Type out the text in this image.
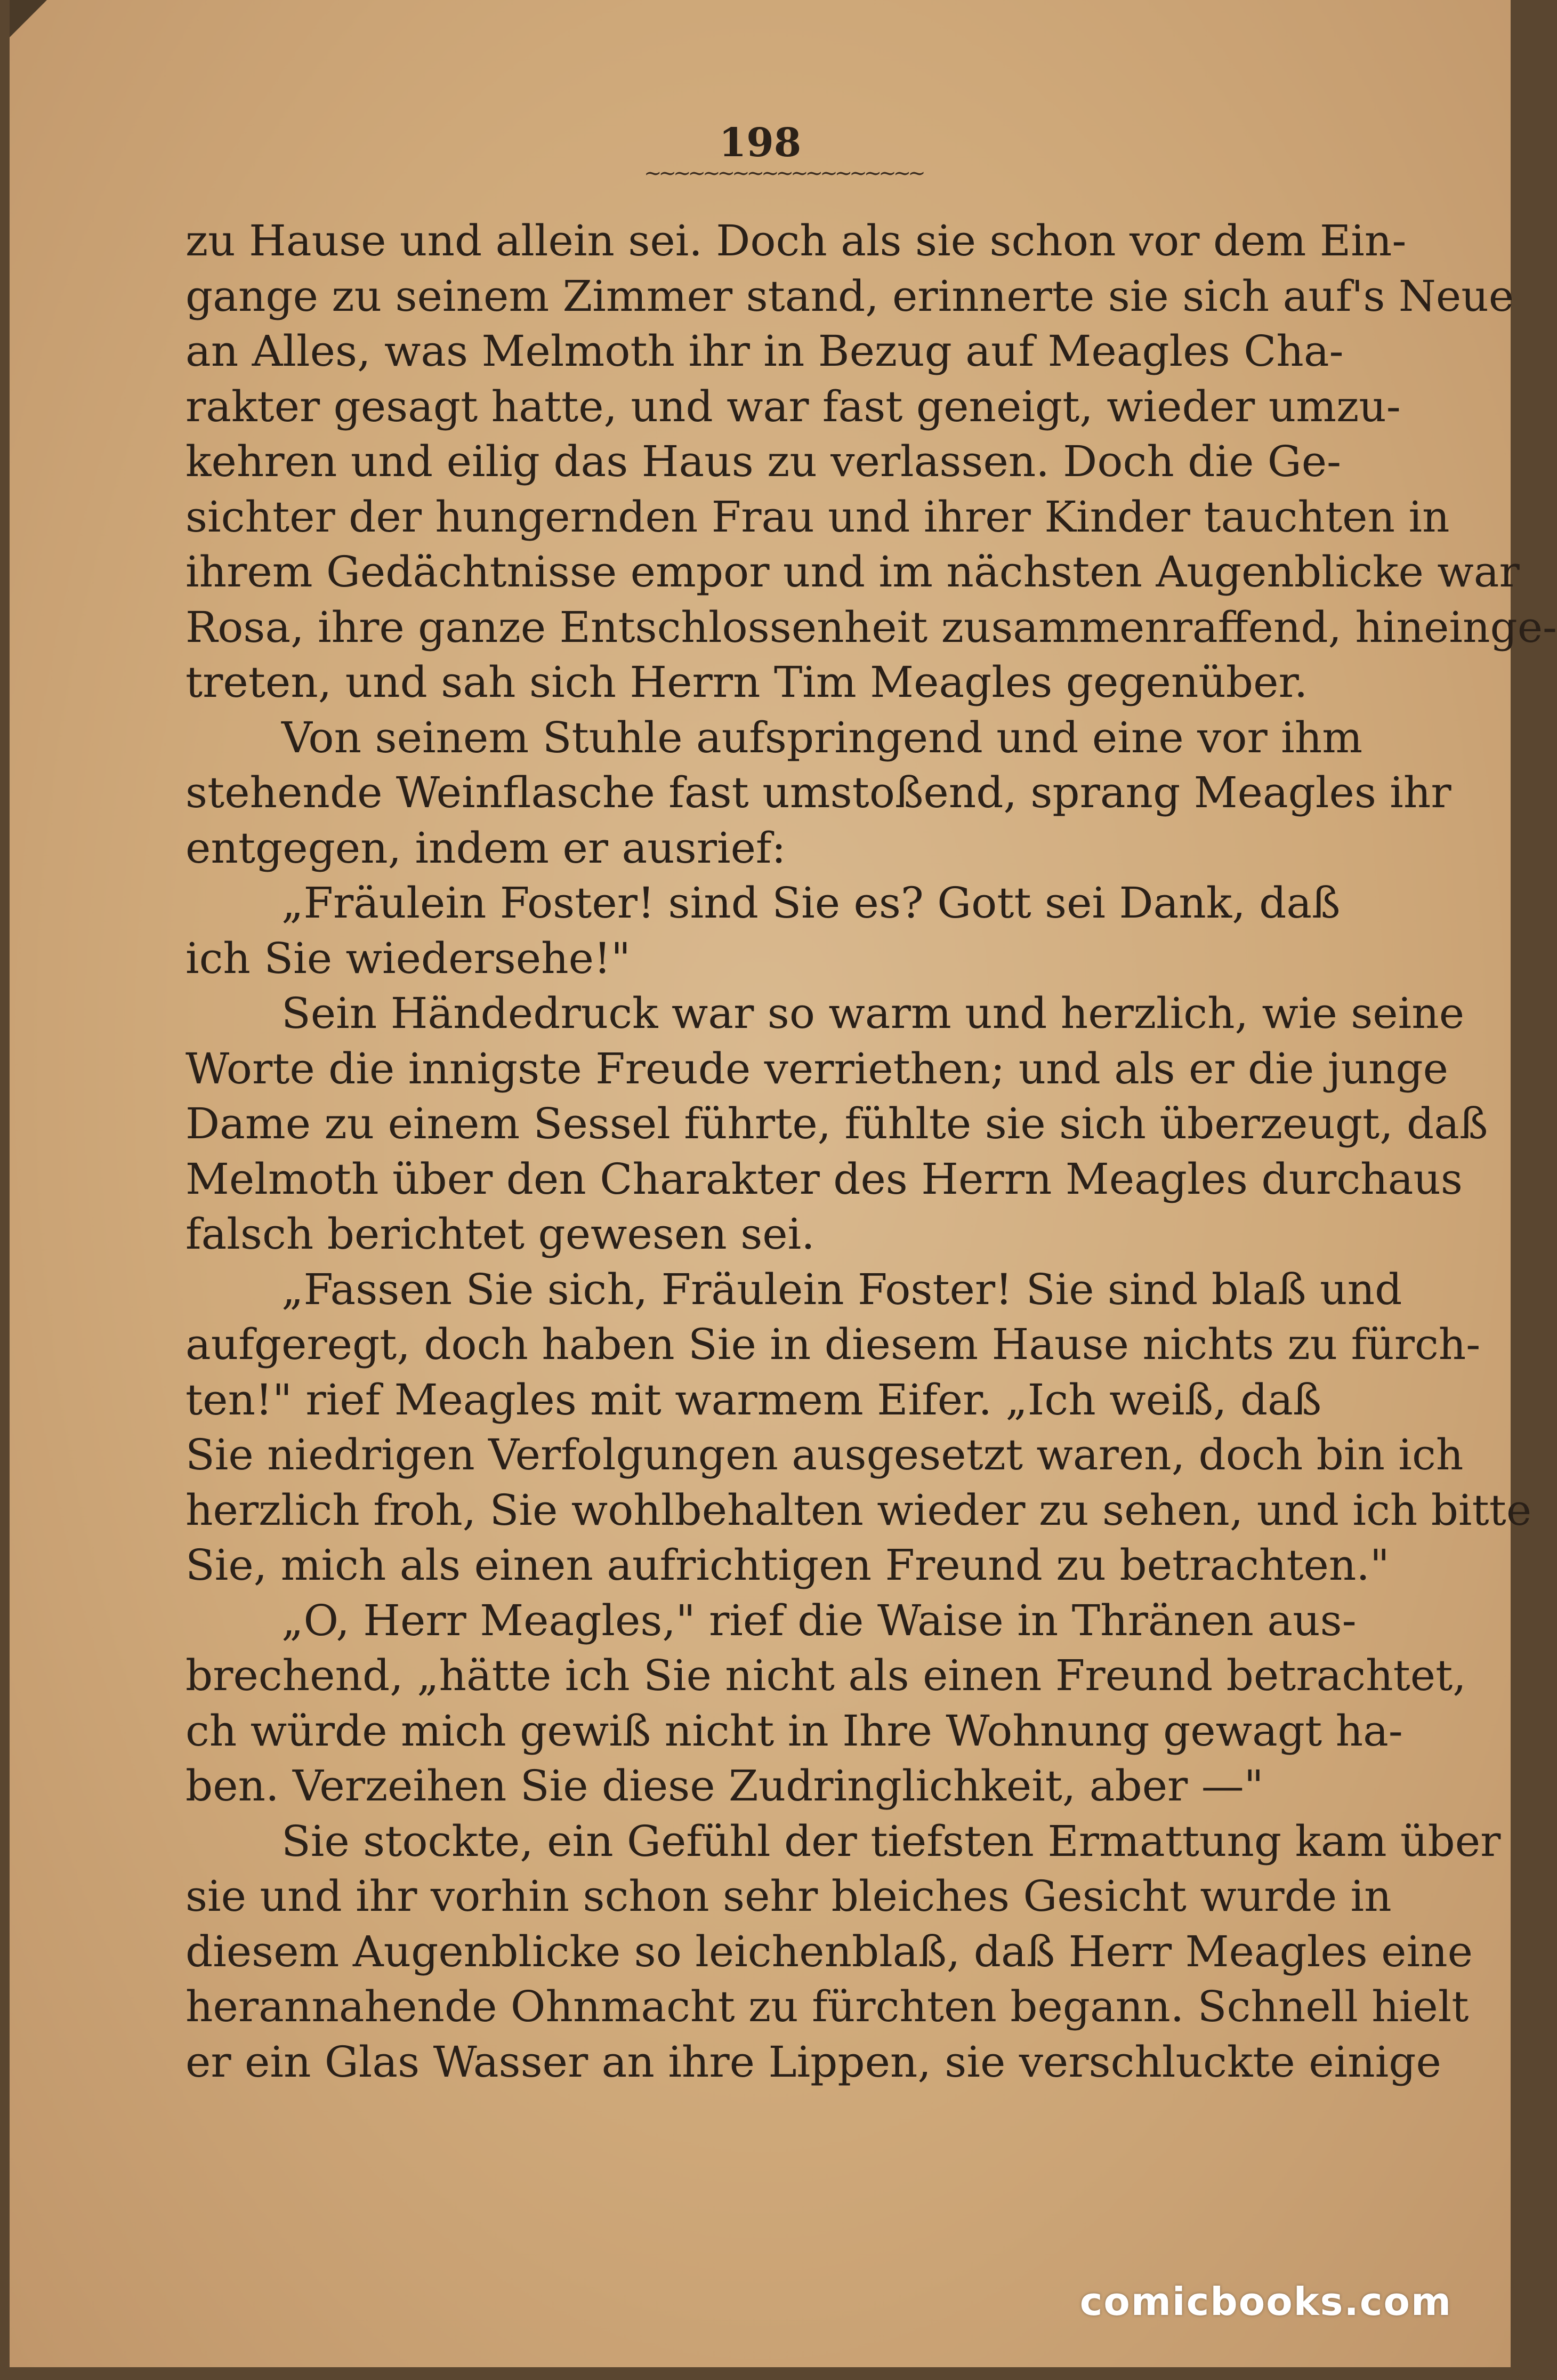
198
~~~~~~~~~~~~~~~~~~~
zu Hause und allein sei. Doch als sie schon vor dem Ein-
gange zu seinem Zimmer stand, erinnerte sie sich auf's Neue
an Alles, was Melmoth ihr in Bezug auf Meagles Cha-
rakter gesagt hatte, und war fast geneigt, wieder umzu-
kehren und eilig das Haus zu verlassen. Doch die Ge-
sichter der hungernden Frau und ihrer Kinder tauchten in
ihrem Gedächtnisse empor und im nächsten Augenblicke war
Rosa, ihre ganze Entschlossenheit zusammenraffend, hineinge-
treten, und sah sich Herrn Tim Meagles gegenüber.
Von seinem Stuhle aufspringend und eine vor ihm
stehende Weinflasche fast umstoßend, sprang Meagles ihr
entgegen, indem er ausrief:
„Fräulein Foster! sind Sie es? Gott sei Dank, daß
ich Sie wiedersehe!"
Sein Händedruck war so warm und herzlich, wie seine
Worte die innigste Freude verriethen; und als er die junge
Dame zu einem Sessel führte, fühlte sie sich überzeugt, daß
Melmoth über den Charakter des Herrn Meagles durchaus
falsch berichtet gewesen sei.
„Fassen Sie sich, Fräulein Foster! Sie sind blaß und
aufgeregt, doch haben Sie in diesem Hause nichts zu fürch-
ten!" rief Meagles mit warmem Eifer. „Ich weiß, daß
Sie niedrigen Verfolgungen ausgesetzt waren, doch bin ich
herzlich froh, Sie wohlbehalten wieder zu sehen, und ich bitte
Sie, mich als einen aufrichtigen Freund zu betrachten."
„O, Herr Meagles," rief die Waise in Thränen aus-
brechend, „hätte ich Sie nicht als einen Freund betrachtet,
ch würde mich gewiß nicht in Ihre Wohnung gewagt ha-
ben. Verzeihen Sie diese Zudringlichkeit, aber —"
Sie stockte, ein Gefühl der tiefsten Ermattung kam über
sie und ihr vorhin schon sehr bleiches Gesicht wurde in
diesem Augenblicke so leichenblaß, daß Herr Meagles eine
herannahende Ohnmacht zu fürchten begann. Schnell hielt
er ein Glas Wasser an ihre Lippen, sie verschluckte einige
comicbooks.com
